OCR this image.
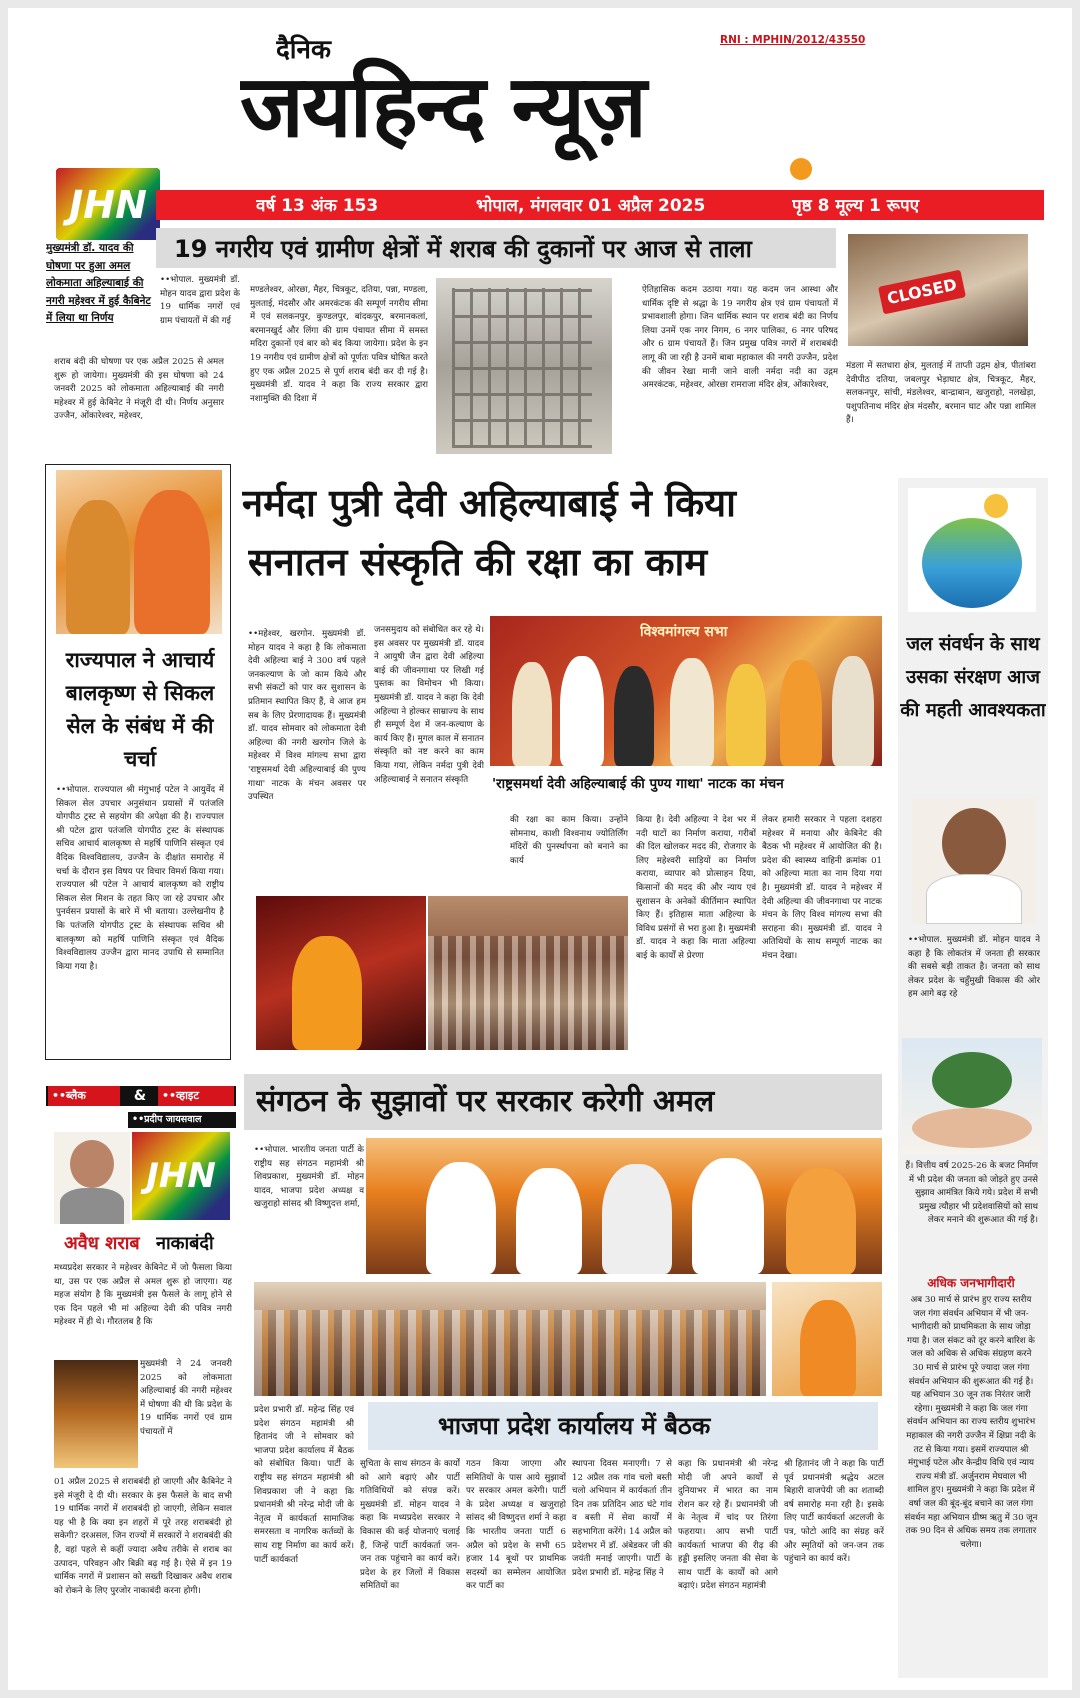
दैनिक
जयहिन्द न्यूज़
RNI : MPHIN/2012/43550
JHN	वर्ष 13 अंक 153	भोपाल, मंगलवार 01 अप्रैल 2025	पृष्ठ 8 मूल्य 1 रूपए
मुख्यमंत्री डॉ. यादव की घोषणा पर हुआ अमल लोकमाता अहिल्याबाई की नगरी महेश्वर में हुई कैबिनेट में लिया था निर्णय
19 नगरीय एवं ग्रामीण क्षेत्रों में शराब की दुकानों पर आज से ताला
शराब बंदी की घोषणा पर एक अप्रैल 2025 से अमल शुरू हो जायेगा। मुख्यमंत्री की इस घोषणा को 24 जनवरी 2025 को लोकमाता अहिल्याबाई की नगरी महेश्वर में हुई केबिनेट ने मंजूरी दी थी। निर्णय अनुसार उज्जैन, ओंकारेश्वर, महेश्वर,
••भोपाल. मुख्यमंत्री डॉ. मोहन यादव द्वारा प्रदेश के 19 धार्मिक नगरों एवं ग्राम पंचायतों में की गई
मण्डलेश्वर, ओरछा, मैहर, चित्रकूट, दतिया, पन्ना, मण्डला, मुलताई, मंदसौर और अमरकंटक की सम्पूर्ण नगरीय सीमा में एवं सलकनपुर, कुण्डलपुर, बांदकपुर, बरमानकलां, बरमानखुर्द और लिंगा की ग्राम पंचायत सीमा में समस्त मदिरा दुकानों एवं बार को बंद किया जायेगा। प्रदेश के इन 19 नगरीय एवं ग्रामीण क्षेत्रों को पूर्णतः पवित्र घोषित करते हुए एक अप्रैल 2025 से पूर्ण शराब बंदी कर दी गई है। मुख्यमंत्री डॉ. यादव ने कहा कि राज्य सरकार द्वारा नशामुक्ति की दिशा में
ऐतिहासिक कदम उठाया गया। यह कदम जन आस्था और धार्मिक दृष्टि से श्रद्धा के 19 नगरीय क्षेत्र एवं ग्राम पंचायतों में प्रभावशाली होगा। जिन धार्मिक स्थान पर शराब बंदी का निर्णय लिया उनमें एक नगर निगम, 6 नगर पालिका, 6 नगर परिषद और 6 ग्राम पंचायतें हैं। जिन प्रमुख पवित्र नगरों में शराबबंदी लागू की जा रही है उनमें बाबा महाकाल की नगरी उज्जैन, प्रदेश की जीवन रेखा मानी जाने वाली नर्मदा नदी का उद्गम अमरकंटक, महेश्वर, ओरछा रामराजा मंदिर क्षेत्र, ओंकारेश्वर,
CLOSED
मंडला में सतधारा क्षेत्र, मुलताई में ताप्ती उद्गम क्षेत्र, पीतांबरा देवीपीठ दतिया, जबलपुर भेड़ाघाट क्षेत्र, चित्रकूट, मैहर, सलकनपुर, सांची, मंडलेश्वर, बान्द्राबान, खजुराहो, नलखेड़ा, पशुपतिनाथ मंदिर क्षेत्र मंदसौर, बरमान घाट और पन्ना शामिल हैं।
राज्यपाल ने आचार्य बालकृष्ण से सिकल सेल के संबंध में की चर्चा
••भोपाल. राज्यपाल श्री मंगुभाई पटेल ने आयुर्वेद में सिकल सेल उपचार अनुसंधान प्रयासों में पतंजलि योगपीठ ट्रस्ट से सहयोग की अपेक्षा की है। राज्यपाल श्री पटेल द्वारा पतंजलि योगपीठ ट्रस्ट के संस्थापक सचिव आचार्य बालकृष्ण से महर्षि पाणिनि संस्कृत एवं वैदिक विश्वविद्यालय, उज्जैन के दीक्षांत समारोह में चर्चा के दौरान इस विषय पर विचार विमर्श किया गया। राज्यपाल श्री पटेल ने आचार्य बालकृष्ण को राष्ट्रीय सिकल सेल मिशन के तहत किए जा रहे उपचार और पुनर्वसन प्रयासों के बारे में भी बताया। उल्लेखनीय है कि पतंजलि योगपीठ ट्रस्ट के संस्थापक सचिव श्री बालकृष्ण को महर्षि पाणिनि संस्कृत एवं वैदिक विश्वविद्यालय उज्जैन द्वारा मानद उपाधि से सम्मानित किया गया है।
नर्मदा पुत्री देवी अहिल्याबाई ने किया
सनातन संस्कृति की रक्षा का काम
••महेश्वर, खरगोन. मुख्यमंत्री डॉ. मोहन यादव ने कहा है कि लोकमाता देवी अहिल्या बाई ने 300 वर्ष पहले जनकल्याण के जो काम किये और सभी संकटों को पार कर सुशासन के प्रतिमान स्थापित किए हैं, वे आज हम सब के लिए प्रेरणादायक हैं। मुख्यमंत्री डॉ. यादव सोमवार को लोकमाता देवी अहिल्या की नगरी खरगोन जिले के महेश्वर में विश्व मांगल्य सभा द्वारा 'राष्ट्रसमर्था देवी अहिल्याबाई की पुण्य गाथा' नाटक के मंचन अवसर पर उपस्थित
जनसमुदाय को संबोधित कर रहे थे। इस अवसर पर मुख्यमंत्री डॉ. यादव ने आयुषी जैन द्वारा देवी अहिल्या बाई की जीवनगाथा पर लिखी गई पुस्तक का विमोचन भी किया। मुख्यमंत्री डॉ. यादव ने कहा कि देवी अहिल्या ने होल्कर साम्राज्य के साथ ही सम्पूर्ण देश में जन-कल्याण के कार्य किए हैं। मुगल काल में सनातन संस्कृति को नष्ट करने का काम किया गया, लेकिन नर्मदा पुत्री देवी अहिल्याबाई ने सनातन संस्कृति
विश्वमांगल्य सभा
'राष्ट्रसमर्था देवी अहिल्याबाई की पुण्य गाथा' नाटक का मंचन
की रक्षा का काम किया। उन्होंने सोमनाथ, काशी विश्वनाथ ज्योतिर्लिंग मंदिरों की पुनर्स्थापना को बनाने का कार्य
किया है। देवी अहिल्या ने देश भर में नदी घाटों का निर्माण कराया, गरीबों की दिल खोलकर मदद की, रोजगार के लिए महेश्वरी साड़ियों का निर्माण कराया, व्यापार को प्रोत्साहन दिया, किसानों की मदद की और न्याय एवं सुशासन के अनेकों कीर्तिमान स्थापित किए हैं। इतिहास माता अहिल्या के विविध प्रसंगों से भरा हुआ है। मुख्यमंत्री डॉ. यादव ने कहा कि माता अहिल्या बाई के कार्यों से प्रेरणा
लेकर हमारी सरकार ने पहला दशहरा महेश्वर में मनाया और केबिनेट की बैठक भी महेश्वर में आयोजित की है। प्रदेश की स्वास्थ्य वाहिनी क्रमांक 01 को अहिल्या माता का नाम दिया गया है। मुख्यमंत्री डॉ. यादव ने महेश्वर में देवी अहिल्या की जीवनगाथा पर नाटक मंचन के लिए विश्व मांगल्य सभा की सराहना की। मुख्यमंत्री डॉ. यादव ने अतिथियों के साथ सम्पूर्ण नाटक का मंचन देखा।
जल संवर्धन के साथ उसका संरक्षण आज की महती आवश्यकता
••भोपाल. मुख्यमंत्री डॉ. मोहन यादव ने कहा है कि लोकतंत्र में जनता ही सरकार की सबसे बड़ी ताकत है। जनता को साथ लेकर प्रदेश के चहुँमुखी विकास की ओर हम आगे बढ़ रहे
हैं। वित्तीय वर्ष 2025-26 के बजट निर्माण में भी प्रदेश की जनता को जोड़ते हुए उनसे सुझाव आमंत्रित किये गये। प्रदेश में सभी प्रमुख त्यौहार भी प्रदेशवासियों को साथ लेकर मनाने की शुरूआत की गई है।
अधिक जनभागीदारी
अब 30 मार्च से प्रारंभ हुए राज्य स्तरीय जल गंगा संवर्धन अभियान में भी जन-भागीदारी को प्राथमिकता के साथ जोड़ा गया है। जल संकट को दूर करने बारिश के जल को अधिक से अधिक संग्रहण करने 30 मार्च से प्रारंभ पूरे ज्यादा जल गंगा संवर्धन अभियान की शुरूआत की गई है। यह अभियान 30 जून तक निरंतर जारी रहेगा। मुख्यमंत्री ने कहा कि जल गंगा संवर्धन अभियान का राज्य स्तरीय शुभारंभ महाकाल की नगरी उज्जैन में क्षिप्रा नदी के तट से किया गया। इसमें राज्यपाल श्री मंगुभाई पटेल और केन्द्रीय विधि एवं न्याय राज्य मंत्री डॉ. अर्जुनराम मेघवाल भी शामिल हुए। मुख्यमंत्री ने कहा कि प्रदेश में वर्षा जल की बूंद-बूंद बचाने का जल गंगा संवर्धन महा अभियान ग्रीष्म ऋतु में 30 जून तक 90 दिन से अधिक समय तक लगातार चलेगा।
••ब्लैक	&	••व्हाइट
••प्रदीप जायसवाल
JHN
अवैध शराब नाकाबंदी
मध्यप्रदेश सरकार ने महेश्वर केबिनेट में जो फैसला किया था, उस पर एक अप्रैल से अमल शुरू हो जाएगा। यह महज संयोग है कि मुख्यमंत्री इस फैसले के लागू होने से एक दिन पहले भी मां अहिल्या देवी की पवित्र नगरी महेश्वर में ही थे। गौरतलब है कि
मुख्यमंत्री ने 24 जनवरी 2025 को लोकमाता अहिल्याबाई की नगरी महेश्वर में घोषणा की थी कि प्रदेश के 19 धार्मिक नगरों एवं ग्राम पंचायतों में
01 अप्रैल 2025 से शराबबंदी हो जाएगी और कैबिनेट ने इसे मंजूरी दे दी थी। सरकार के इस फैसले के बाद सभी 19 धार्मिक नगरों में शराबबंदी हो जाएगी, लेकिन सवाल यह भी है कि क्या इन शहरों में पूरे तरह शराबबंदी हो सकेगी? दरअसल, जिन राज्यों में सरकारों ने शराबबंदी की है, वहां पहले से कहीं ज्यादा अवैध तरीके से शराब का उत्पादन, परिवहन और बिक्री बढ़ गई है। ऐसे में इन 19 धार्मिक नगरों में प्रशासन को सख्ती दिखाकर अवैध शराब को रोकने के लिए पुरजोर नाकाबंदी करना होगी।
संगठन के सुझावों पर सरकार करेगी अमल
••भोपाल. भारतीय जनता पार्टी के राष्ट्रीय सह संगठन महामंत्री श्री शिवप्रकाश, मुख्यमंत्री डॉ. मोहन यादव, भाजपा प्रदेश अध्यक्ष व खजुराहो सांसद श्री विष्णुदत्त शर्मा,
प्रदेश प्रभारी डॉ. महेन्द्र सिंह एवं प्रदेश संगठन महामंत्री श्री हितानंद जी ने सोमवार को भाजपा प्रदेश कार्यालय में बैठक को संबोधित किया। पार्टी के राष्ट्रीय सह संगठन महामंत्री श्री शिवप्रकाश जी ने कहा कि प्रधानमंत्री श्री नरेन्द्र मोदी जी के नेतृत्व में कार्यकर्ता सामाजिक समरसता व नागरिक कर्तव्यों के साथ राष्ट्र निर्माण का कार्य करें। पार्टी कार्यकर्ता
भाजपा प्रदेश कार्यालय में बैठक
सुचिता के साथ संगठन के कार्यों को आगे बढ़ाएं और पार्टी गतिविधियों को संपन्न करें। मुख्यमंत्री डॉ. मोहन यादव ने कहा कि मध्यप्रदेश सरकार ने विकास की कई योजनाएं चलाई हैं, जिन्हें पार्टी कार्यकर्ता जन-जन तक पहुंचाने का कार्य करें। प्रदेश के हर जिलों में विकास समितियों का
गठन किया जाएगा और समितियों के पास आये सुझावों पर सरकार अमल करेगी। पार्टी के प्रदेश अध्यक्ष व खजुराहो सांसद श्री विष्णुदत्त शर्मा ने कहा कि भारतीय जनता पार्टी 6 अप्रैल को प्रदेश के सभी 65 हजार 14 बूथों पर प्राथमिक सदस्यों का सम्मेलन आयोजित कर पार्टी का
स्थापना दिवस मनाएगी। 7 से 12 अप्रैल तक गांव चलो बस्ती चलो अभियान में कार्यकर्ता तीन दिन तक प्रतिदिन आठ घंटे गांव व बस्ती में सेवा कार्यों में सहभागिता करेंगे। 14 अप्रैल को प्रदेशभर में डॉ. अंबेडकर जी की जयंती मनाई जाएगी। पार्टी के प्रदेश प्रभारी डॉ. महेन्द्र सिंह ने
कहा कि प्रधानमंत्री श्री नरेन्द्र मोदी जी अपने कार्यों से दुनियाभर में भारत का नाम रोशन कर रहे हैं। प्रधानमंत्री जी के नेतृत्व में चांद पर तिरंगा फहराया। आप सभी पार्टी कार्यकर्ता भाजपा की रीढ़ की हड्डी इसलिए जनता की सेवा के साथ पार्टी के कार्यों को आगे बढ़ाएं। प्रदेश संगठन महामंत्री
श्री हितानंद जी ने कहा कि पार्टी पूर्व प्रधानमंत्री श्रद्धेय अटल बिहारी वाजपेयी जी का शताब्दी वर्ष समारोह मना रही है। इसके लिए पार्टी कार्यकर्ता अटलजी के पत्र, फोटो आदि का संग्रह करें और स्मृतियों को जन-जन तक पहुंचाने का कार्य करें।
